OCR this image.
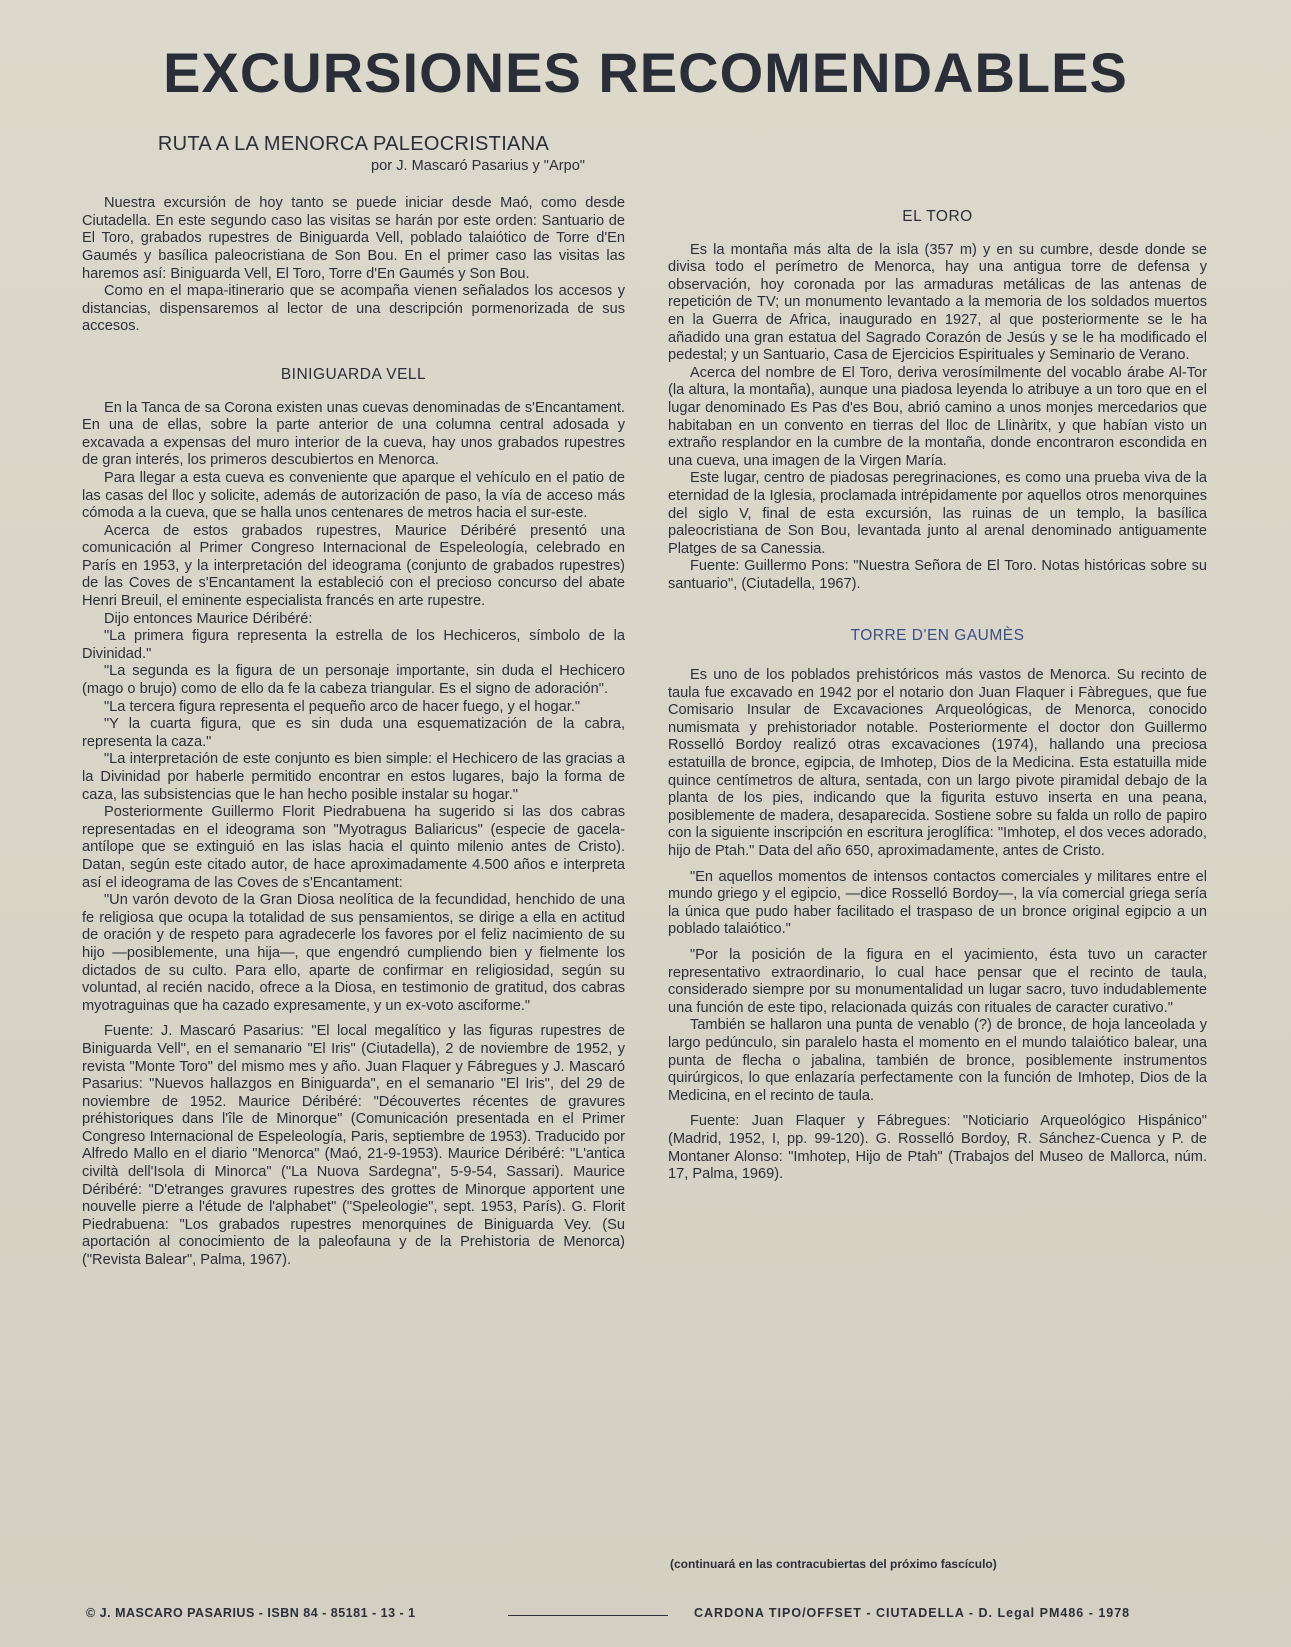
EXCURSIONES RECOMENDABLES
RUTA A LA MENORCA PALEOCRISTIANA
por J. Mascaró Pasarius y "Arpo"

Nuestra excursión de hoy tanto se puede iniciar desde Maó, como desde Ciutadella. En este segundo caso las visitas se harán por este orden: Santuario de El Toro, grabados rupestres de Biniguarda Vell, poblado talaiótico de Torre d'En Gaumés y basílica paleocristiana de Son Bou. En el primer caso las visitas las haremos así: Biniguarda Vell, El Toro, Torre d'En Gaumés y Son Bou.

Como en el mapa-itinerario que se acompaña vienen señalados los accesos y distancias, dispensaremos al lector de una descripción pormenorizada de sus accesos.

BINIGUARDA VELL

En la Tanca de sa Corona existen unas cuevas denominadas de s'Encantament. En una de ellas, sobre la parte anterior de una columna central adosada y excavada a expensas del muro interior de la cueva, hay unos grabados rupestres de gran interés, los primeros descubiertos en Menorca.

Para llegar a esta cueva es conveniente que aparque el vehículo en el patio de las casas del lloc y solicite, además de autorización de paso, la vía de acceso más cómoda a la cueva, que se halla unos centenares de metros hacia el sur-este.

Acerca de estos grabados rupestres, Maurice Déribéré presentó una comunicación al Primer Congreso Internacional de Espeleología, celebrado en París en 1953, y la interpretación del ideograma (conjunto de grabados rupestres) de las Coves de s'Encantament la estableció con el precioso concurso del abate Henri Breuil, el eminente especialista francés en arte rupestre.

Dijo entonces Maurice Déribéré:

"La primera figura representa la estrella de los Hechiceros, símbolo de la Divinidad."

"La segunda es la figura de un personaje importante, sin duda el Hechicero (mago o brujo) como de ello da fe la cabeza triangular. Es el signo de adoración".

"La tercera figura representa el pequeño arco de hacer fuego, y el hogar."

"Y la cuarta figura, que es sin duda una esquematización de la cabra, representa la caza."

"La interpretación de este conjunto es bien simple: el Hechicero de las gracias a la Divinidad por haberle permitido encontrar en estos lugares, bajo la forma de caza, las subsistencias que le han hecho posible instalar su hogar."

Posteriormente Guillermo Florit Piedrabuena ha sugerido si las dos cabras representadas en el ideograma son "Myotragus Baliaricus" (especie de gacela-antílope que se extinguió en las islas hacia el quinto milenio antes de Cristo). Datan, según este citado autor, de hace aproximadamente 4.500 años e interpreta así el ideograma de las Coves de s'Encantament:

"Un varón devoto de la Gran Diosa neolítica de la fecundidad, henchido de una fe religiosa que ocupa la totalidad de sus pensamientos, se dirige a ella en actitud de oración y de respeto para agradecerle los favores por el feliz nacimiento de su hijo —posiblemente, una hija—, que engendró cumpliendo bien y fielmente los dictados de su culto. Para ello, aparte de confirmar en religiosidad, según su voluntad, al recién nacido, ofrece a la Diosa, en testimonio de gratitud, dos cabras myotraguinas que ha cazado expresamente, y un ex-voto asciforme."

Fuente: J. Mascaró Pasarius: "El local megalítico y las figuras rupestres de Biniguarda Vell", en el semanario "El Iris" (Ciutadella), 2 de noviembre de 1952, y revista "Monte Toro" del mismo mes y año. Juan Flaquer y Fábregues y J. Mascaró Pasarius: "Nuevos hallazgos en Biniguarda", en el semanario "El Iris", del 29 de noviembre de 1952. Maurice Déribéré: "Découvertes récentes de gravures préhistoriques dans l'île de Minorque" (Comunicación presentada en el Primer Congreso Internacional de Espeleología, Paris, septiembre de 1953). Traducido por Alfredo Mallo en el diario "Menorca" (Maó, 21-9-1953). Maurice Déribéré: "L'antica civiltà dell'Isola di Minorca" ("La Nuova Sardegna", 5-9-54, Sassari). Maurice Déribéré: "D'etranges gravures rupestres des grottes de Minorque apportent une nouvelle pierre a l'étude de l'alphabet" ("Speleologie", sept. 1953, París). G. Florit Piedrabuena: "Los grabados rupestres menorquines de Biniguarda Vey. (Su aportación al conocimiento de la paleofauna y de la Prehistoria de Menorca) ("Revista Balear", Palma, 1967).

EL TORO

Es la montaña más alta de la isla (357 m) y en su cumbre, desde donde se divisa todo el perímetro de Menorca, hay una antigua torre de defensa y observación, hoy coronada por las armaduras metálicas de las antenas de repetición de TV; un monumento levantado a la memoria de los soldados muertos en la Guerra de Africa, inaugurado en 1927, al que posteriormente se le ha añadido una gran estatua del Sagrado Corazón de Jesús y se le ha modificado el pedestal; y un Santuario, Casa de Ejercicios Espirituales y Seminario de Verano.

Acerca del nombre de El Toro, deriva verosímilmente del vocablo árabe Al-Tor (la altura, la montaña), aunque una piadosa leyenda lo atribuye a un toro que en el lugar denominado Es Pas d'es Bou, abrió camino a unos monjes mercedarios que habitaban en un convento en tierras del lloc de Llinàritx, y que habían visto un extraño resplandor en la cumbre de la montaña, donde encontraron escondida en una cueva, una imagen de la Virgen María.

Este lugar, centro de piadosas peregrinaciones, es como una prueba viva de la eternidad de la Iglesia, proclamada intrépidamente por aquellos otros menorquines del siglo V, final de esta excursión, las ruinas de un templo, la basílica paleocristiana de Son Bou, levantada junto al arenal denominado antiguamente Platges de sa Canessia.

Fuente: Guillermo Pons: "Nuestra Señora de El Toro. Notas históricas sobre su santuario", (Ciutadella, 1967).

TORRE D'EN GAUMÈS

Es uno de los poblados prehistóricos más vastos de Menorca. Su recinto de taula fue excavado en 1942 por el notario don Juan Flaquer i Fàbregues, que fue Comisario Insular de Excavaciones Arqueológicas, de Menorca, conocido numismata y prehistoriador notable. Posteriormente el doctor don Guillermo Rosselló Bordoy realizó otras excavaciones (1974), hallando una preciosa estatuilla de bronce, egipcia, de Imhotep, Dios de la Medicina. Esta estatuilla mide quince centímetros de altura, sentada, con un largo pivote piramidal debajo de la planta de los pies, indicando que la figurita estuvo inserta en una peana, posiblemente de madera, desaparecida. Sostiene sobre su falda un rollo de papiro con la siguiente inscripción en escritura jeroglífica: "Imhotep, el dos veces adorado, hijo de Ptah." Data del año 650, aproximadamente, antes de Cristo.

"En aquellos momentos de intensos contactos comerciales y militares entre el mundo griego y el egipcio, —dice Rosselló Bordoy—, la vía comercial griega sería la única que pudo haber facilitado el traspaso de un bronce original egipcio a un poblado talaiótico."

"Por la posición de la figura en el yacimiento, ésta tuvo un caracter representativo extraordinario, lo cual hace pensar que el recinto de taula, considerado siempre por su monumentalidad un lugar sacro, tuvo indudablemente una función de este tipo, relacionada quizás con rituales de caracter curativo."

También se hallaron una punta de venablo (?) de bronce, de hoja lanceolada y largo pedúnculo, sin paralelo hasta el momento en el mundo talaiótico balear, una punta de flecha o jabalina, también de bronce, posiblemente instrumentos quirúrgicos, lo que enlazaría perfectamente con la función de Imhotep, Dios de la Medicina, en el recinto de taula.

Fuente: Juan Flaquer y Fábregues: "Noticiario Arqueológico Hispánico" (Madrid, 1952, I, pp. 99-120). G. Rosselló Bordoy, R. Sánchez-Cuenca y P. de Montaner Alonso: "Imhotep, Hijo de Ptah" (Trabajos del Museo de Mallorca, núm. 17, Palma, 1969).

(continuará en las contracubiertas del próximo fascículo)
© J. MASCARO PASARIUS - ISBN 84 - 85181 - 13 - 1	CARDONA TIPO/OFFSET - CIUTADELLA - D. Legal PM486 - 1978
